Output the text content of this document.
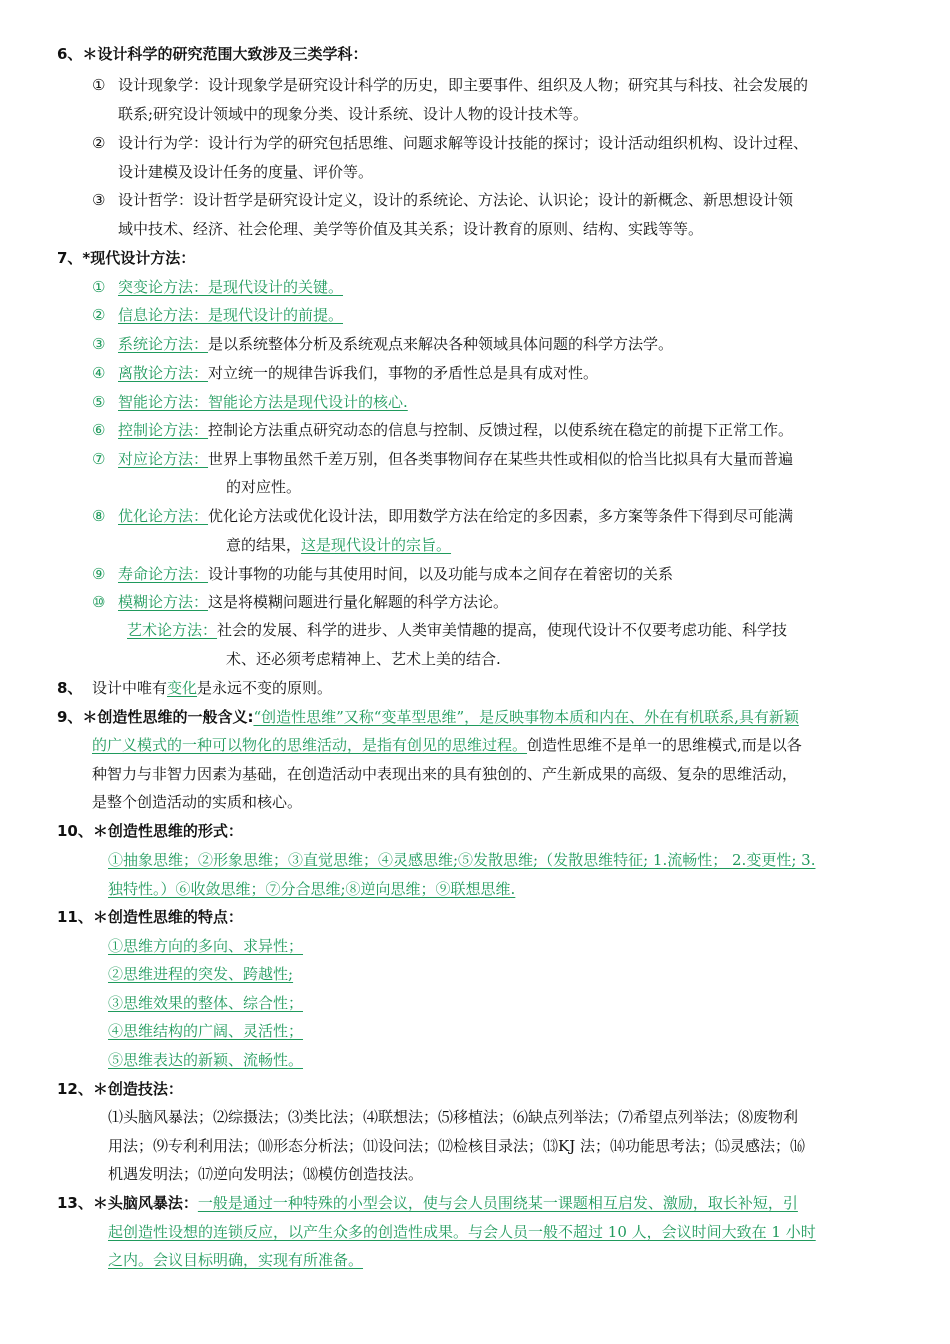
6、＊设计科学的研究范围大致涉及三类学科：
① 设计现象学：设计现象学是研究设计科学的历史，即主要事件、组织及人物；研究其与科技、社会发展的
联系;研究设计领域中的现象分类、设计系统、设计人物的设计技术等。
② 设计行为学：设计行为学的研究包括思维、问题求解等设计技能的探讨；设计活动组织机构、设计过程、
设计建模及设计任务的度量、评价等。
③ 设计哲学：设计哲学是研究设计定义，设计的系统论、方法论、认识论；设计的新概念、新思想设计领
域中技术、经济、社会伦理、美学等价值及其关系；设计教育的原则、结构、实践等等。
7、*现代设计方法：
① 突变论方法：是现代设计的关键。
② 信息论方法：是现代设计的前提。
③ 系统论方法：是以系统整体分析及系统观点来解决各种领域具体问题的科学方法学。
④ 离散论方法：对立统一的规律告诉我们，事物的矛盾性总是具有成对性。
⑤ 智能论方法：智能论方法是现代设计的核心.
⑥ 控制论方法：控制论方法重点研究动态的信息与控制、反馈过程，以使系统在稳定的前提下正常工作。
⑦ 对应论方法：世界上事物虽然千差万别，但各类事物间存在某些共性或相似的恰当比拟具有大量而普遍
的对应性。
⑧ 优化论方法：优化论方法或优化设计法，即用数学方法在给定的多因素，多方案等条件下得到尽可能满
意的结果，这是现代设计的宗旨。
⑨ 寿命论方法：设计事物的功能与其使用时间，以及功能与成本之间存在着密切的关系
⑩ 模糊论方法：这是将模糊问题进行量化解题的科学方法论。
艺术论方法：社会的发展、科学的进步、人类审美情趣的提高，使现代设计不仅要考虑功能、科学技
术、还必须考虑精神上、艺术上美的结合.
8、 设计中唯有变化是永远不变的原则。
9、＊创造性思维的一般含义:“创造性思维”又称“变革型思维”，是反映事物本质和内在、外在有机联系,具有新颖
的广义模式的一种可以物化的思维活动，是指有创见的思维过程。创造性思维不是单一的思维模式,而是以各
种智力与非智力因素为基础，在创造活动中表现出来的具有独创的、产生新成果的高级、复杂的思维活动，
是整个创造活动的实质和核心。
10、＊创造性思维的形式：
①抽象思维；②形象思维；③直觉思维；④灵感思维;⑤发散思维;（发散思维特征; 1.流畅性； 2.变更性; 3.
独特性。）⑥收敛思维；⑦分合思维;⑧逆向思维；⑨联想思维.
11、＊创造性思维的特点：
①思维方向的多向、求异性；
②思维进程的突发、跨越性;
③思维效果的整体、综合性；
④思维结构的广阔、灵活性；
⑤思维表达的新颖、流畅性。
12、＊创造技法：
⑴头脑风暴法；⑵综摄法；⑶类比法；⑷联想法；⑸移植法；⑹缺点列举法；⑺希望点列举法；⑻废物利
用法；⑼专利利用法；⑽形态分析法；⑾设问法；⑿检核目录法；⒀KJ 法；⒁功能思考法；⒂灵感法；⒃
机遇发明法；⒄逆向发明法；⒅模仿创造技法。
13、＊头脑风暴法：一般是通过一种特殊的小型会议，使与会人员围绕某一课题相互启发、激励，取长补短，引
起创造性设想的连锁反应，以产生众多的创造性成果。与会人员一般不超过 10 人，会议时间大致在 1 小时
之内。会议目标明确，实现有所准备。
